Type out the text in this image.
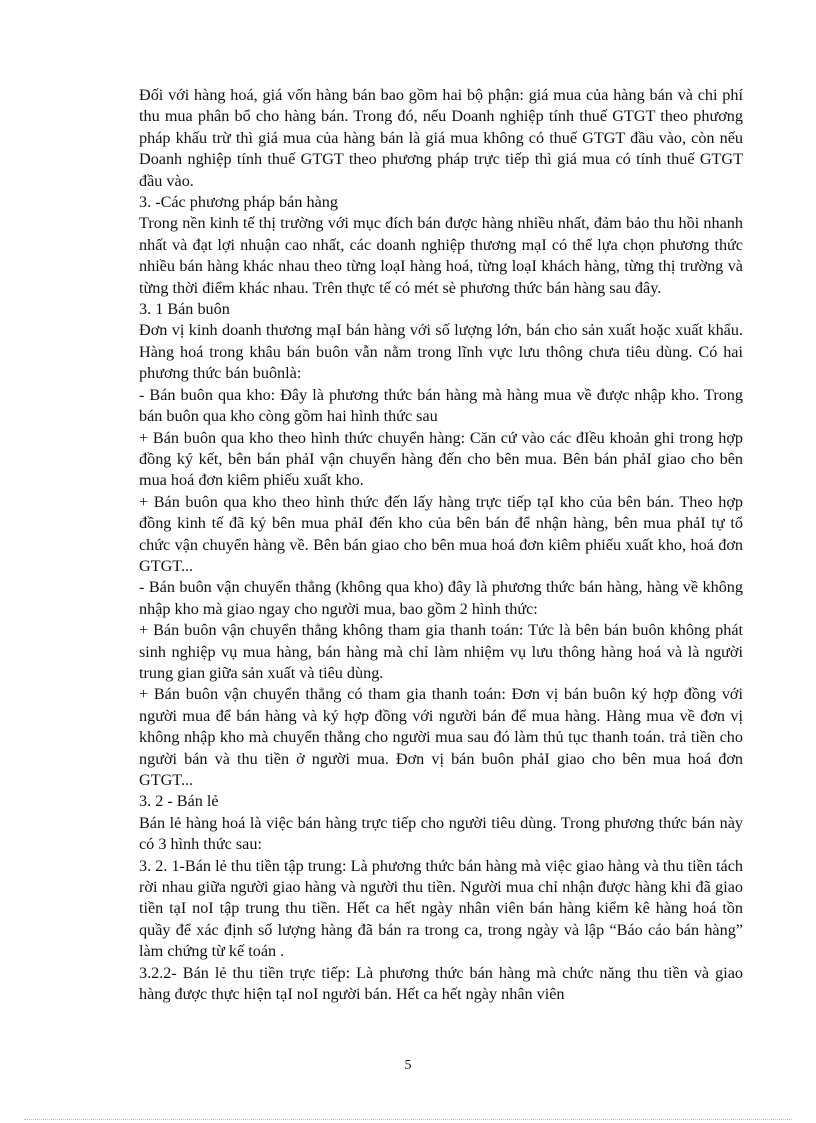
Đối với hàng hoá, giá vốn hàng bán bao gồm hai bộ phận: giá mua của hàng bán và chi phí thu mua phân bổ cho hàng bán. Trong đó, nếu Doanh nghiệp tính thuế GTGT theo phương pháp khấu trừ thì giá mua của hàng bán là giá mua không có thuế GTGT đầu vào, còn nếu Doanh nghiệp tính thuế GTGT theo phương pháp trực tiếp thì giá mua có tính thuế GTGT đầu vào.

3. -Các phương pháp bán hàng

Trong nền kinh tế thị trường với mục đích bán được hàng nhiều nhất, đảm bảo thu hồi nhanh nhất và đạt lợi nhuận cao nhất, các doanh nghiệp thương mạI có thể lựa chọn phương thức nhiều bán hàng khác nhau theo từng loạI hàng hoá, từng loạI khách hàng, từng thị trường và từng thời điểm khác nhau. Trên thực tế có mét sè phương thức bán hàng sau đây.

3. 1 Bán buôn

Đơn vị kinh doanh thương mạI bán hàng với số lượng lớn, bán cho sản xuất hoặc xuất khẩu. Hàng hoá trong khâu bán buôn vẫn nằm trong lĩnh vực lưu thông chưa tiêu dùng. Có hai phương thức bán buônlà:

- Bán buôn qua kho: Đây là phương thức bán hàng mà hàng mua về được nhập kho. Trong bán buôn qua kho còng gồm hai hình thức sau

+ Bán buôn qua kho theo hình thức chuyển hàng: Căn cứ vào các đIều khoản ghi trong hợp đồng ký kết, bên bán phảI vận chuyển hàng đến cho bên mua. Bên bán phảI giao cho bên mua hoá đơn kiêm phiếu xuất kho.

+ Bán buôn qua kho theo hình thức đến lấy hàng trực tiếp tạI kho của bên bán. Theo hợp đồng kinh tế đã ký bên mua phảI đến kho của bên bán để nhận hàng, bên mua phảI tự tổ chức vận chuyển hàng về. Bên bán giao cho bên mua hoá đơn kiêm phiếu xuất kho, hoá đơn GTGT...

- Bán buôn vận chuyển thẳng (không qua kho) đây là phương thức bán hàng, hàng về không nhập kho mà giao ngay cho người mua, bao gồm 2 hình thức:

+ Bán buôn vận chuyển thẳng không tham gia thanh toán: Tức là bên bán buôn không phát sinh nghiệp vụ mua hàng, bán hàng mà chỉ làm nhiệm vụ lưu thông hàng hoá và là người trung gian giữa sản xuất và tiêu dùng.

+ Bán buôn vận chuyển thẳng có tham gia thanh toán: Đơn vị bán buôn ký hợp đồng với người mua để bán hàng và ký hợp đồng với người bán để mua hàng. Hàng mua về đơn vị không nhập kho mà chuyển thẳng cho người mua sau đó làm thủ tục thanh toán. trả tiền cho người bán và thu tiền ở người mua. Đơn vị bán buôn phảI giao cho bên mua hoá đơn GTGT...

3. 2 - Bán lẻ

Bán lẻ hàng hoá là việc bán hàng trực tiếp cho người tiêu dùng. Trong phương thức bán này có 3 hình thức sau:

3. 2. 1-Bán lẻ thu tiền tập trung: Là phương thức bán hàng mà việc giao hàng và thu tiền tách rời nhau giữa người giao hàng và người thu tiền. Người mua chỉ nhận được hàng khi đã giao tiền tạI noI tập trung thu tiền. Hết ca hết ngày nhân viên bán hàng kiểm kê hàng hoá tồn quầy để xác định số lượng hàng đã bán ra trong ca, trong ngày và lập “Báo cáo bán hàng” làm chứng từ kế toán .

3.2.2- Bán lẻ thu tiền trực tiếp: Là phương thức bán hàng mà chức năng thu tiền và giao hàng được thực hiện tạI noI người bán. Hết ca hết ngày nhân viên

5
